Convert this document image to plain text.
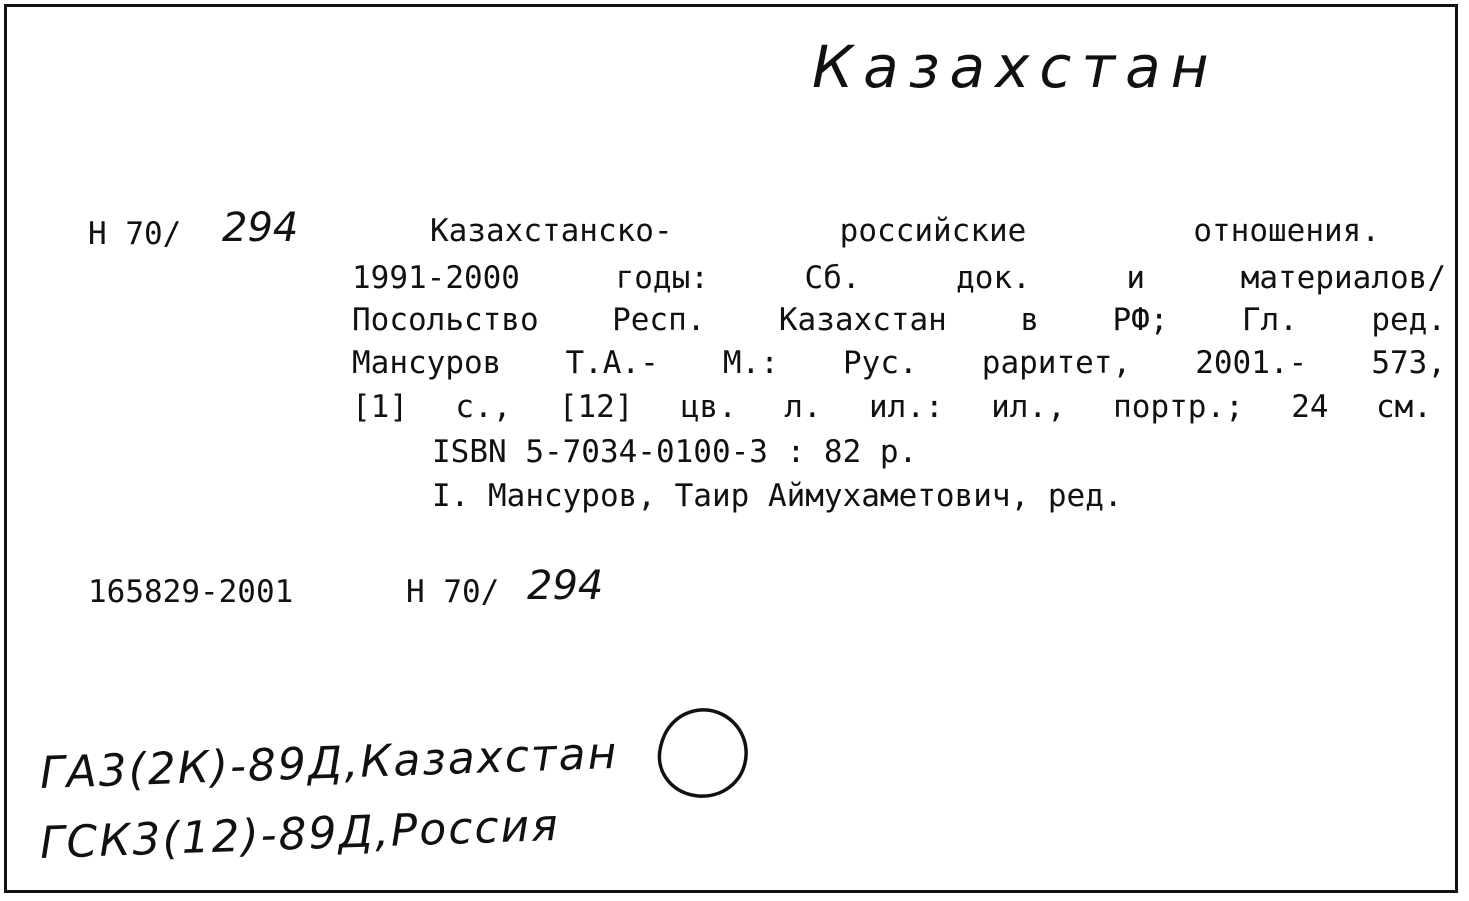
Казахстан
Н 70/ 294	Казахстанско-	российские	отношения.
1991-2000	годы:	Сб.	док.	и	материалов/
Посольство Респ. Казахстан в РФ; Гл. ред.
Мансуров Т.А.- М.: Рус. раритет, 2001.- 573,
[1] с., [12] цв. л. ил.: ил., портр.; 24 см.
ISBN 5-7034-0100-3 : 82 р.
I. Мансуров, Таир Аймухаметович, ред.
165829-2001	Н 70/ 294
ГА3(2К)-89Д,Казахстан
ГСК3(12)-89Д,Россия
